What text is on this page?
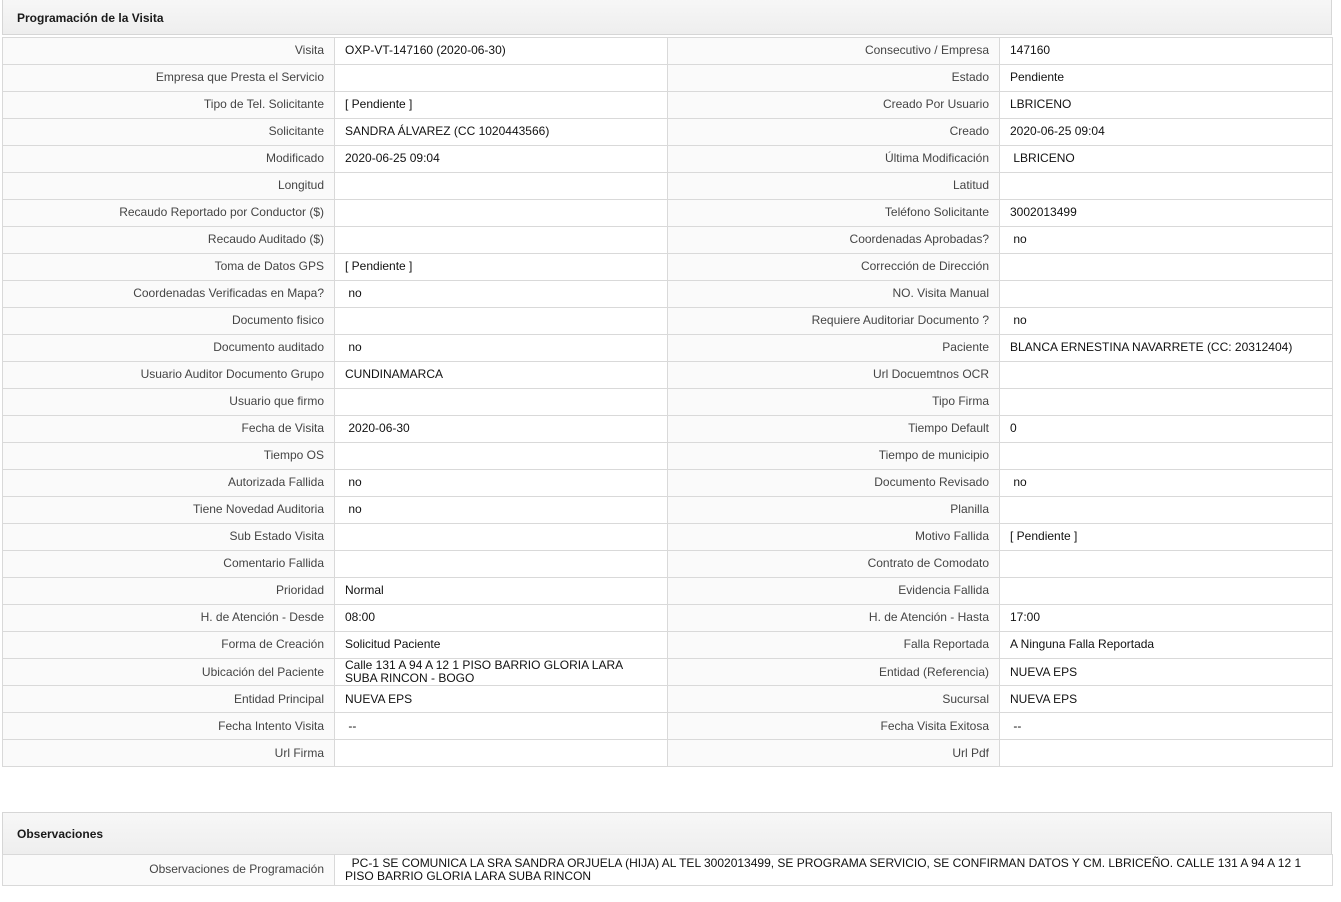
Programación de la Visita
Visita	OXP-VT-147160 (2020-06-30)	Consecutivo / Empresa	147160
Empresa que Presta el Servicio		Estado	Pendiente
Tipo de Tel. Solicitante	[ Pendiente ]	Creado Por Usuario	LBRICENO
Solicitante	SANDRA ÁLVAREZ (CC 1020443566)	Creado	2020-06-25 09:04
Modificado	2020-06-25 09:04	Última Modificación	LBRICENO
Longitud		Latitud	
Recaudo Reportado por Conductor ($)		Teléfono Solicitante	3002013499
Recaudo Auditado ($)		Coordenadas Aprobadas?	no
Toma de Datos GPS	[ Pendiente ]	Corrección de Dirección	
Coordenadas Verificadas en Mapa?	no	NO. Visita Manual	
Documento fisico		Requiere Auditoriar Documento ?	no
Documento auditado	no	Paciente	BLANCA ERNESTINA NAVARRETE (CC: 20312404)
Usuario Auditor Documento Grupo	CUNDINAMARCA	Url Docuemtnos OCR	
Usuario que firmo		Tipo Firma	
Fecha de Visita	2020-06-30	Tiempo Default	0
Tiempo OS		Tiempo de municipio	
Autorizada Fallida	no	Documento Revisado	no
Tiene Novedad Auditoria	no	Planilla	
Sub Estado Visita		Motivo Fallida	[ Pendiente ]
Comentario Fallida		Contrato de Comodato	
Prioridad	Normal	Evidencia Fallida	
H. de Atención - Desde	08:00	H. de Atención - Hasta	17:00
Forma de Creación	Solicitud Paciente	Falla Reportada	A Ninguna Falla Reportada
Ubicación del Paciente	Calle 131 A 94 A 12 1 PISO BARRIO GLORIA LARA SUBA RINCON - BOGO	Entidad (Referencia)	NUEVA EPS
Entidad Principal	NUEVA EPS	Sucursal	NUEVA EPS
Fecha Intento Visita	--	Fecha Visita Exitosa	--
Url Firma		Url Pdf	
Observaciones
Observaciones de Programación	PC-1 SE COMUNICA LA SRA SANDRA ORJUELA (HIJA) AL TEL 3002013499, SE PROGRAMA SERVICIO, SE CONFIRMAN DATOS Y CM. LBRICEÑO. CALLE 131 A 94 A 12 1 PISO BARRIO GLORIA LARA SUBA RINCON
